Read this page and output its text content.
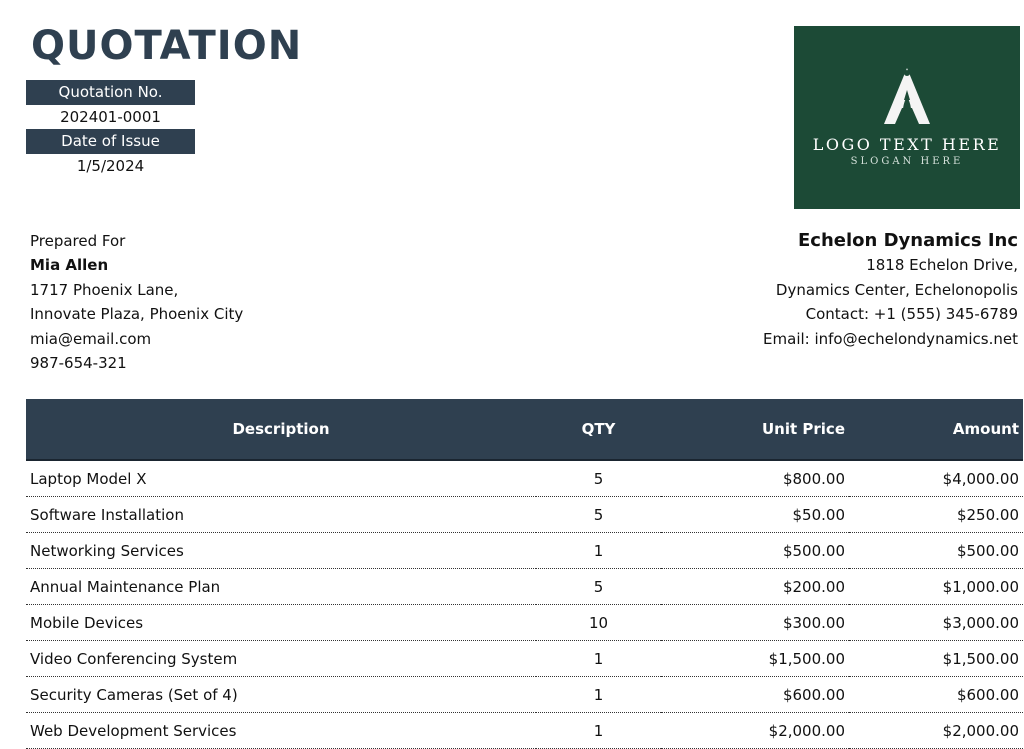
QUOTATION
Quotation No.
202401-0001
Date of Issue
1/5/2024
LOGO TEXT HERE
SLOGAN HERE
Prepared For
Mia Allen
1717 Phoenix Lane,
Innovate Plaza, Phoenix City
mia@email.com
987-654-321
Echelon Dynamics Inc
1818 Echelon Drive,
Dynamics Center, Echelonopolis
Contact: +1 (555) 345-6789
Email: info@echelondynamics.net
Description	QTY	Unit Price	Amount
Laptop Model X	5	$800.00	$4,000.00
Software Installation	5	$50.00	$250.00
Networking Services	1	$500.00	$500.00
Annual Maintenance Plan	5	$200.00	$1,000.00
Mobile Devices	10	$300.00	$3,000.00
Video Conferencing System	1	$1,500.00	$1,500.00
Security Cameras (Set of 4)	1	$600.00	$600.00
Web Development Services	1	$2,000.00	$2,000.00
